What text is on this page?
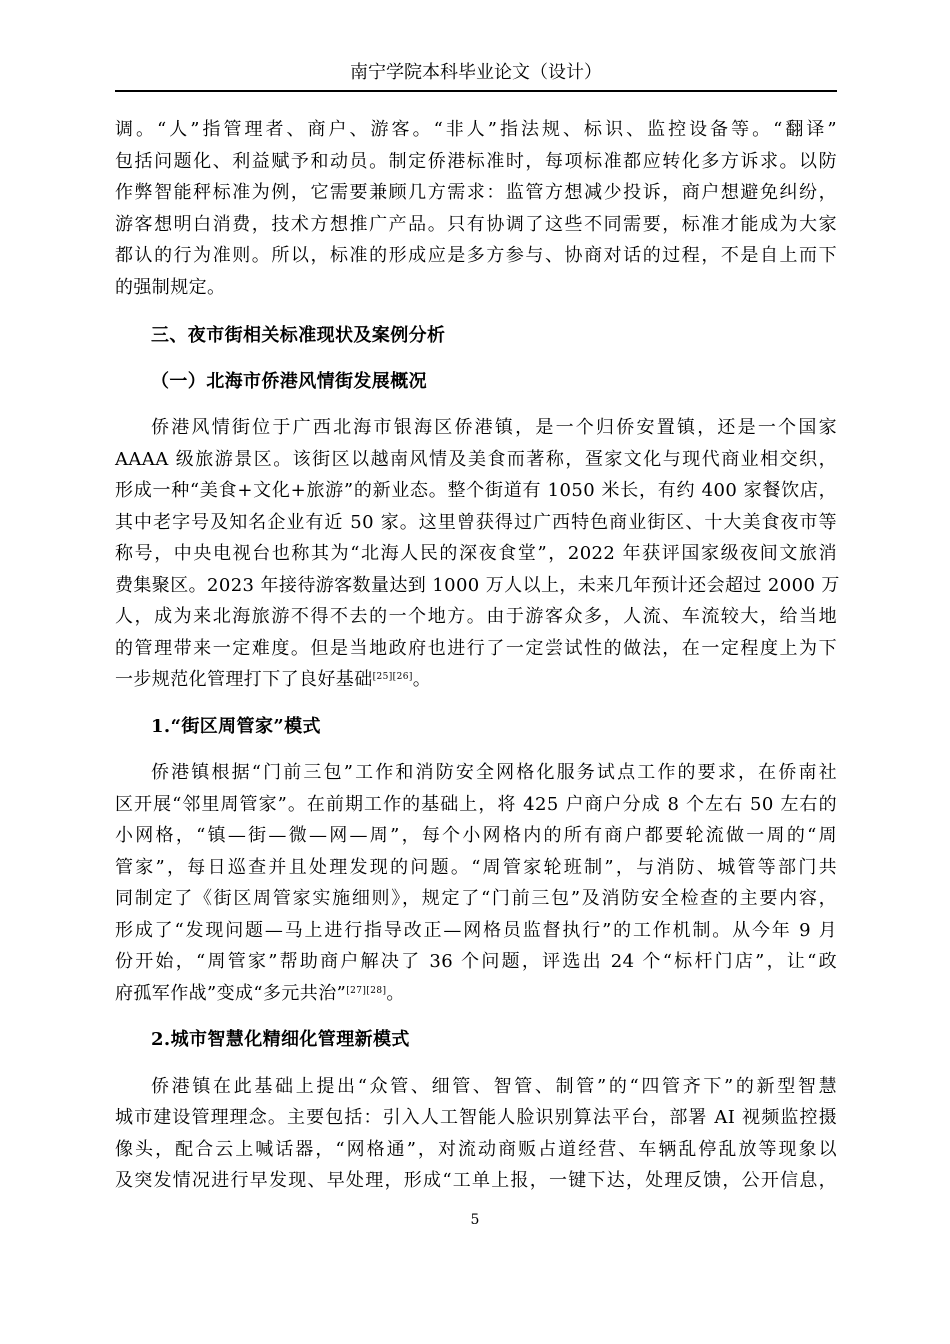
南宁学院本科毕业论文（设计）
调。“人”指管理者、商户、游客。“非人”指法规、标识、监控设备等。“翻译”
包括问题化、利益赋予和动员。制定侨港标准时，每项标准都应转化多方诉求。以防
作弊智能秤标准为例，它需要兼顾几方需求：监管方想减少投诉，商户想避免纠纷，
游客想明白消费，技术方想推广产品。只有协调了这些不同需要，标准才能成为大家
都认的行为准则。所以，标准的形成应是多方参与、协商对话的过程，不是自上而下
的强制规定。
三、夜市街相关标准现状及案例分析
（一）北海市侨港风情街发展概况
侨港风情街位于广西北海市银海区侨港镇，是一个归侨安置镇，还是一个国家
AAAA 级旅游景区。该街区以越南风情及美食而著称，疍家文化与现代商业相交织，
形成一种“美食+文化+旅游”的新业态。整个街道有 1050 米长，有约 400 家餐饮店，
其中老字号及知名企业有近 50 家。这里曾获得过广西特色商业街区、十大美食夜市等
称号，中央电视台也称其为“北海人民的深夜食堂”，2022 年获评国家级夜间文旅消
费集聚区。2023 年接待游客数量达到 1000 万人以上，未来几年预计还会超过 2000 万
人，成为来北海旅游不得不去的一个地方。由于游客众多，人流、车流较大，给当地
的管理带来一定难度。但是当地政府也进行了一定尝试性的做法，在一定程度上为下
一步规范化管理打下了良好基础[25][26]。
1.“街区周管家”模式
侨港镇根据“门前三包”工作和消防安全网格化服务试点工作的要求，在侨南社
区开展“邻里周管家”。在前期工作的基础上，将 425 户商户分成 8 个左右 50 左右的
小网格，“镇—街—微—网—周”，每个小网格内的所有商户都要轮流做一周的“周
管家”，每日巡查并且处理发现的问题。“周管家轮班制”，与消防、城管等部门共
同制定了《街区周管家实施细则》，规定了“门前三包”及消防安全检查的主要内容，
形成了“发现问题—马上进行指导改正—网格员监督执行”的工作机制。从今年 9 月
份开始，“周管家”帮助商户解决了 36 个问题，评选出 24 个“标杆门店”，让“政
府孤军作战”变成“多元共治”[27][28]。
2.城市智慧化精细化管理新模式
侨港镇在此基础上提出“众管、细管、智管、制管”的“四管齐下”的新型智慧
城市建设管理理念。主要包括：引入人工智能人脸识别算法平台，部署 AI 视频监控摄
像头，配合云上喊话器，“网格通”，对流动商贩占道经营、车辆乱停乱放等现象以
及突发情况进行早发现、早处理，形成“工单上报，一键下达，处理反馈，公开信息，
5
